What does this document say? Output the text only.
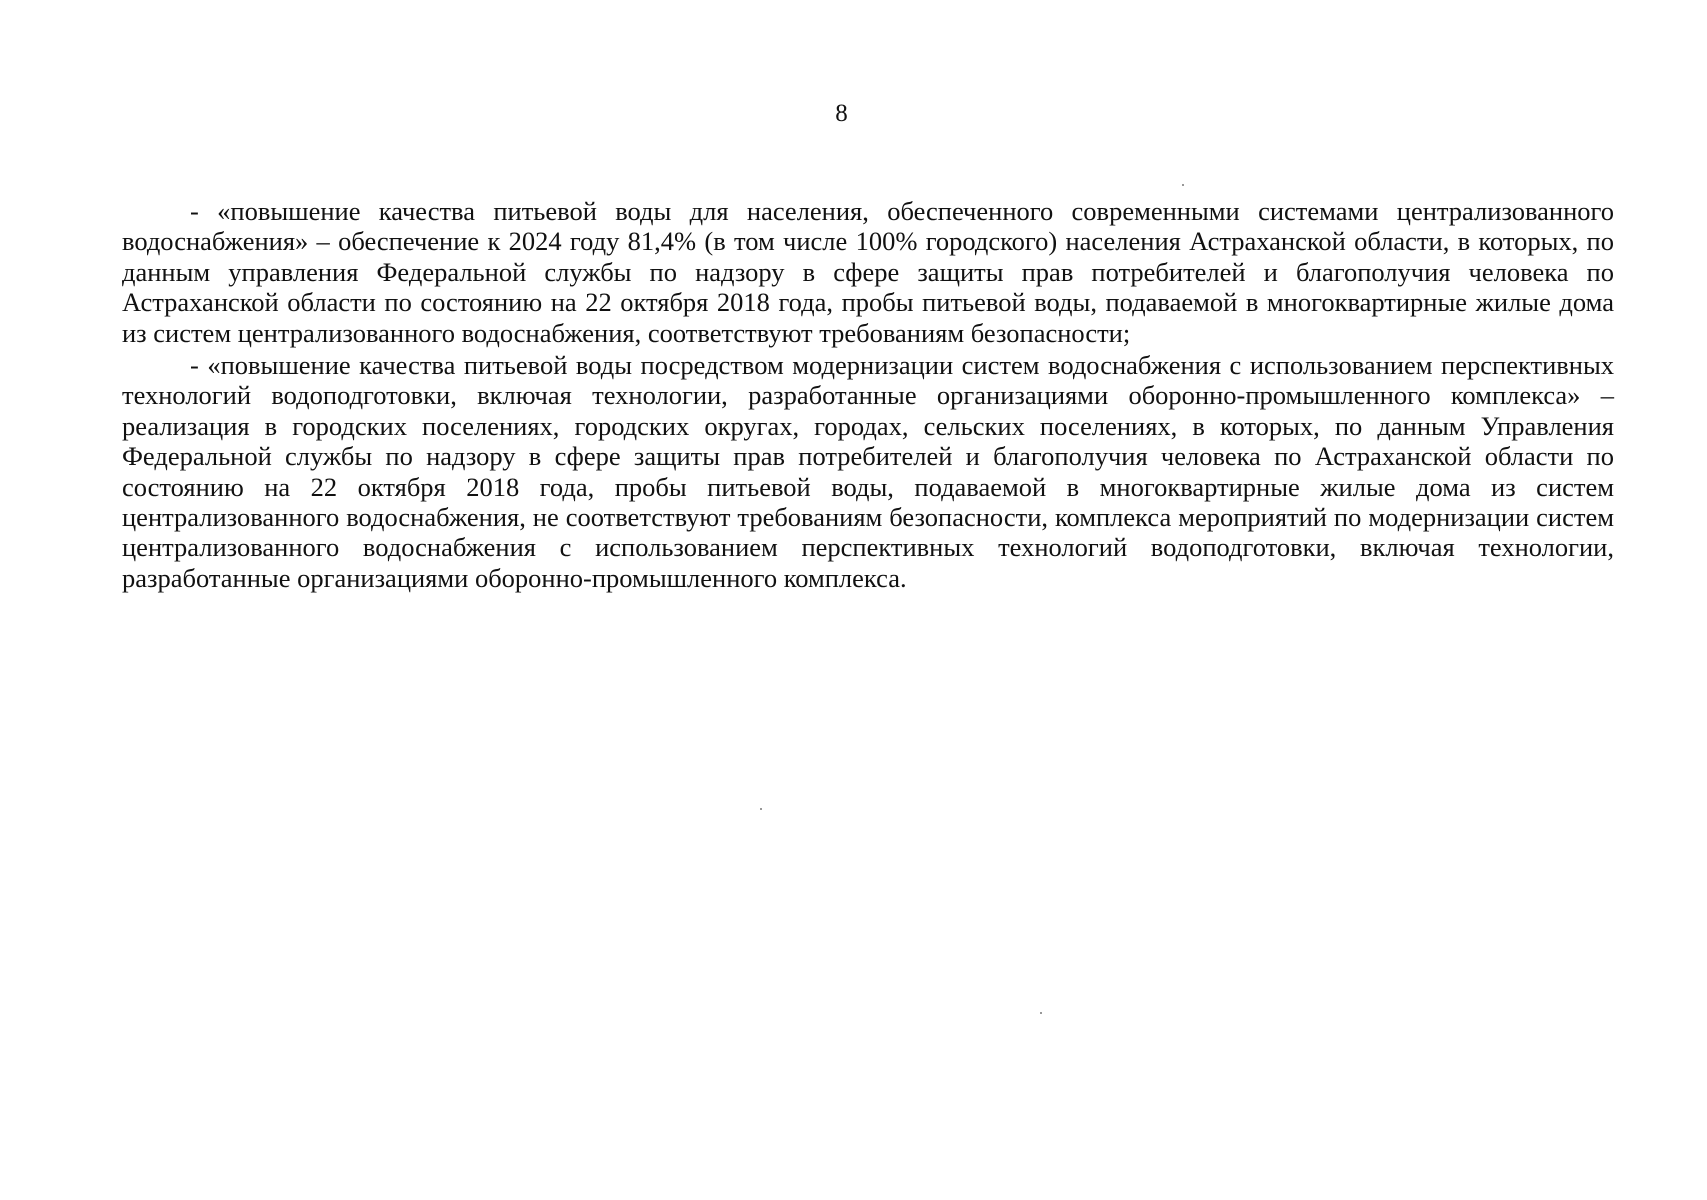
8

- «повышение качества питьевой воды для населения, обеспеченного современными системами централизованного водоснабжения» – обеспечение к 2024 году 81,4% (в том числе 100% городского) населения Астраханской области, в которых, по данным управления Федеральной службы по надзору в сфере защиты прав потребителей и благополучия человека по Астраханской области по состоянию на 22 октября 2018 года, пробы питьевой воды, подаваемой в многоквартирные жилые дома из систем централизованного водоснабжения, соответствуют требованиям безопасности;

- «повышение качества питьевой воды посредством модернизации систем водоснабжения с использованием перспективных технологий водоподготовки, включая технологии, разработанные организациями оборонно-промышленного комплекса» – реализация в городских поселениях, городских округах, городах, сельских поселениях, в которых, по данным Управления Федеральной службы по надзору в сфере защиты прав потребителей и благополучия человека по Астраханской области по состоянию на 22 октября 2018 года, пробы питьевой воды, подаваемой в многоквартирные жилые дома из систем централизованного водоснабжения, не соответствуют требованиям безопасности, комплекса мероприятий по модернизации систем централизованного водоснабжения с использованием перспективных технологий водоподготовки, включая технологии, разработанные организациями оборонно-промышленного комплекса.
